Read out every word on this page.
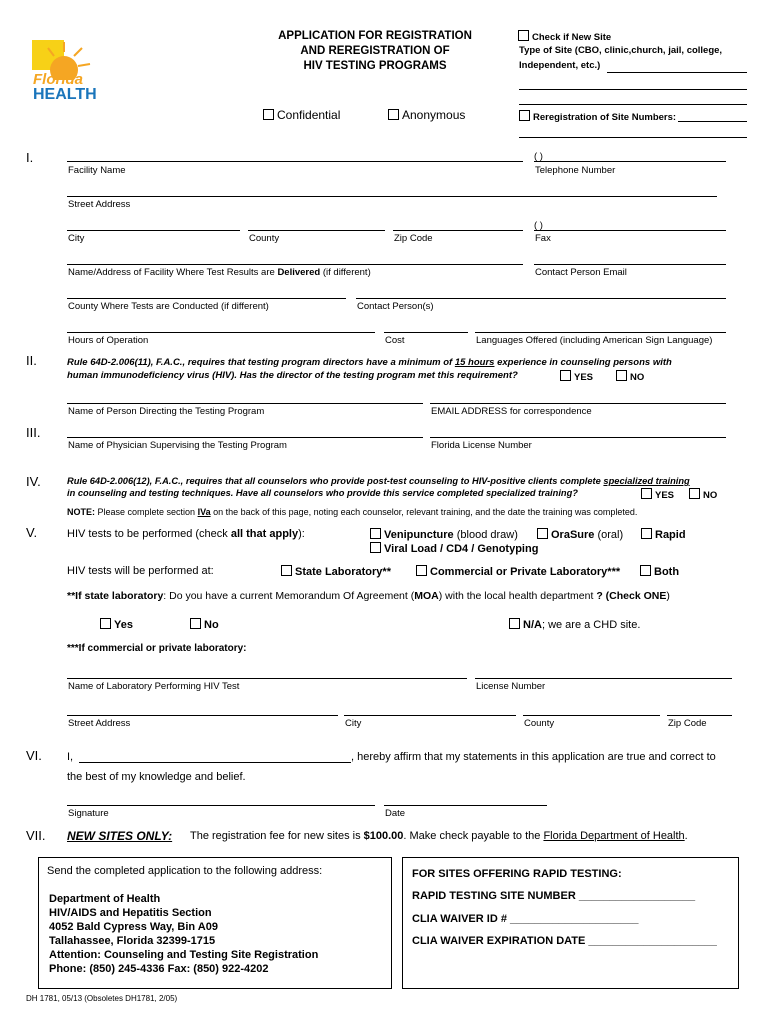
Florida
HEALTH
APPLICATION FOR REGISTRATION
AND REREGISTRATION OF
HIV TESTING PROGRAMS
Check if New Site
Type of Site (CBO, clinic,church, jail, college,
Independent, etc.)
Reregistration of Site Numbers:
Confidential	Anonymous
I.	( )
Facility Name	Telephone Number
Street Address
( )
City	County	Zip Code	Fax
Name/Address of Facility Where Test Results are Delivered (if different)	Contact Person Email
County Where Tests are Conducted (if different)	Contact Person(s)
Hours of Operation	Cost	Languages Offered (including American Sign Language)
II.	Rule 64D-2.006(11), F.A.C., requires that testing program directors have a minimum of 15 hours experience in counseling persons with
human immunodeficiency virus (HIV). Has the director of the testing program met this requirement?	YES	NO
Name of Person Directing the Testing Program	EMAIL ADDRESS for correspondence
III.
Name of Physician Supervising the Testing Program	Florida License Number
IV.	Rule 64D-2.006(12), F.A.C., requires that all counselors who provide post-test counseling to HIV-positive clients complete specialized training
in counseling and testing techniques. Have all counselors who provide this service completed specialized training?	YES	NO
NOTE: Please complete section IVa on the back of this page, noting each counselor, relevant training, and the date the training was completed.
V.	HIV tests to be performed (check all that apply):	Venipuncture (blood draw)	OraSure (oral)	Rapid
Viral Load / CD4 / Genotyping
HIV tests will be performed at:	State Laboratory**	Commercial or Private Laboratory***	Both
**If state laboratory: Do you have a current Memorandum Of Agreement (MOA) with the local health department ? (Check ONE)
Yes	No	N/A; we are a CHD site.
***If commercial or private laboratory:
Name of Laboratory Performing HIV Test	License Number
Street Address	City	County	Zip Code
VI. I,	, hereby affirm that my statements in this application are true and correct to
the best of my knowledge and belief.
Signature	Date
VII. NEW SITES ONLY: The registration fee for new sites is $100.00. Make check payable to the Florida Department of Health.
Send the completed application to the following address:
Department of Health
HIV/AIDS and Hepatitis Section
4052 Bald Cypress Way, Bin A09
Tallahassee, Florida 32399-1715
Attention: Counseling and Testing Site Registration
Phone: (850) 245-4336 Fax: (850) 922-4202
FOR SITES OFFERING RAPID TESTING:
RAPID TESTING SITE NUMBER ___________________
CLIA WAIVER ID # _____________________
CLIA WAIVER EXPIRATION DATE _____________________
DH 1781, 05/13 (Obsoletes DH1781, 2/05)
